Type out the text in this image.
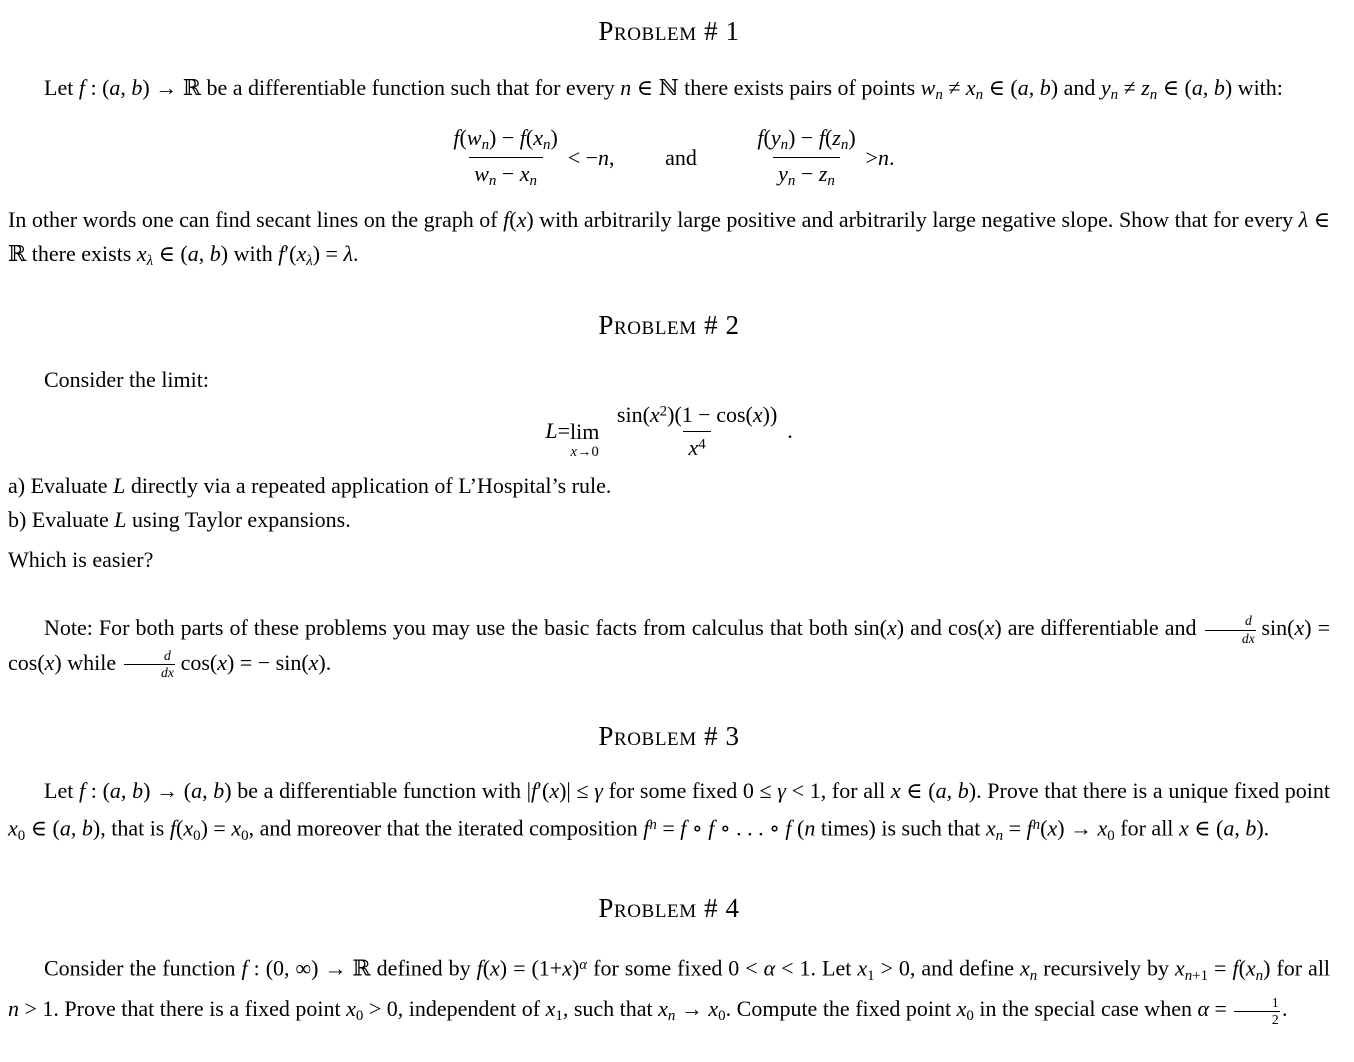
Problem # 1

Let f : (a, b) → ℝ be a differentiable function such that for every n ∈ ℕ there exists pairs of points wn ≠ xn ∈ (a, b) and yn ≠ zn ∈ (a, b) with:

$\frac{f(wn) - f(xn)}{wn - xn}$ < − n , and $\frac{f(yn) - f(zn)}{yn - zn} > n$ .

In other words one can find secant lines on the graph of f(x) with arbitrarily large positive and arbitrarily large negative slope. Show that for every λ ∈ ℝ there exists xλ ∈ (a, b) with f′(xλ) = λ.

Problem # 2

Consider the limit:

L = lim
$x\to 0 \frac{\sin(x^2)(1 - \cos(x))}{x^4}$ .

a) Evaluate L directly via a repeated application of L’Hospital’s rule.

b) Evaluate L using Taylor expansions.

Which is easier?

Note: For both parts of these problems you may use the basic facts from calculus that both sin(x) and cos(x) are differentiable and $\frac{d}{dx} \sin(x) = \cos(x)$ while $\frac{d}{dx} \cos(x)$ = − sin(x).

Problem # 3

Let f : (a, b) → (a, b) be a differentiable function with |f′(x)| ≤ γ for some fixed 0 ≤ γ < 1, for all x ∈ (a, b). Prove that there is a unique fixed point x0 ∈ (a, b), that is f(x0) = x0, and moreover that the iterated composition $f^n = f$ ∘ f ∘ . . . ∘ f (n times) is such that xn = $f^n(x) \to x0$ for all x ∈ (a, b).

Problem # 4

Consider the function f : (0, ∞) → ℝ defined by $f(x) = (1+x)^\alpha$ for some fixed 0 < α < 1. Let x1 > 0, and define xn recursively by xn+1 = f(xn) for all n > 1. Prove that there is a fixed point x0 > 0, independent of x1, such that xn → x0. Compute the fixed point x0 in the special case when $\alpha = \frac{1}{2}$ .
